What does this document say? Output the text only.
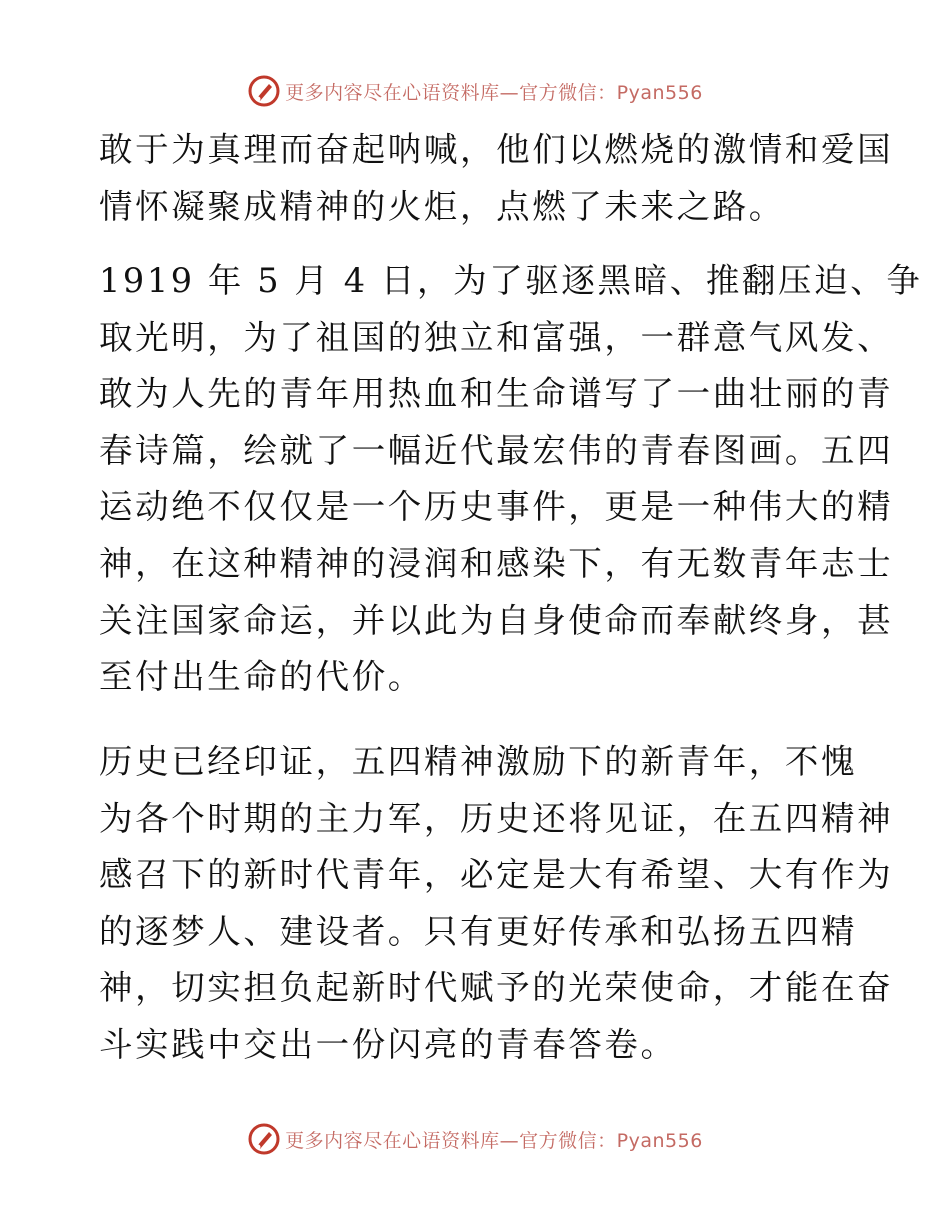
更多内容尽在心语资料库—官方微信：Pyan556
敢于为真理而奋起呐喊，他们以燃烧的激情和爱国
情怀凝聚成精神的火炬，点燃了未来之路。
1919 年 5 月 4 日，为了驱逐黑暗、推翻压迫、争
取光明，为了祖国的独立和富强，一群意气风发、
敢为人先的青年用热血和生命谱写了一曲壮丽的青
春诗篇，绘就了一幅近代最宏伟的青春图画。五四
运动绝不仅仅是一个历史事件，更是一种伟大的精
神，在这种精神的浸润和感染下，有无数青年志士
关注国家命运，并以此为自身使命而奉献终身，甚
至付出生命的代价。
历史已经印证，五四精神激励下的新青年，不愧
为各个时期的主力军，历史还将见证，在五四精神
感召下的新时代青年，必定是大有希望、大有作为
的逐梦人、建设者。只有更好传承和弘扬五四精
神，切实担负起新时代赋予的光荣使命，才能在奋
斗实践中交出一份闪亮的青春答卷。
更多内容尽在心语资料库—官方微信：Pyan556
